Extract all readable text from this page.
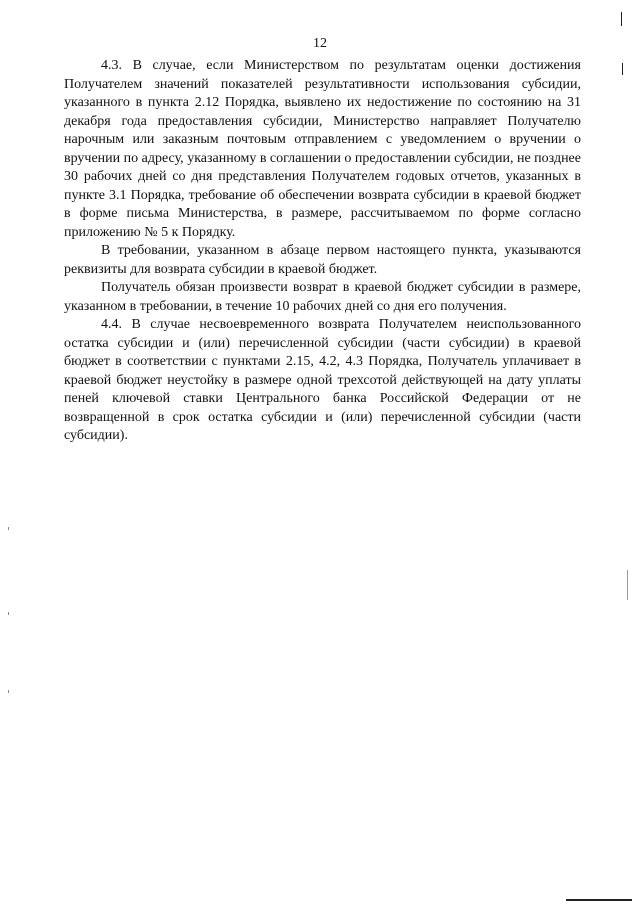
12

4.3. В случае, если Министерством по результатам оценки достижения Получателем значений показателей результативности использования субсидии, указанного в пункта 2.12 Порядка, выявлено их недостижение по состоянию на 31 декабря года предоставления субсидии, Министерство направляет Получателю нарочным или заказным почтовым отправлением с уведомлением о вручении о вручении по адресу, указанному в соглашении о предоставлении субсидии, не позднее 30 рабочих дней со дня представления Получателем годовых отчетов, указанных в пункте 3.1 Порядка, требование об обеспечении возврата субсидии в краевой бюджет в форме письма Министерства, в размере, рассчитываемом по форме согласно приложению № 5 к Порядку.

В требовании, указанном в абзаце первом настоящего пункта, указываются реквизиты для возврата субсидии в краевой бюджет.

Получатель обязан произвести возврат в краевой бюджет субсидии в размере, указанном в требовании, в течение 10 рабочих дней со дня его получения.

4.4. В случае несвоевременного возврата Получателем неиспользованного остатка субсидии и (или) перечисленной субсидии (части субсидии) в краевой бюджет в соответствии с пунктами 2.15, 4.2, 4.3 Порядка, Получатель уплачивает в краевой бюджет неустойку в размере одной трехсотой действующей на дату уплаты пеней ключевой ставки Центрального банка Российской Федерации от не возвращенной в срок остатка субсидии и (или) перечисленной субсидии (части субсидии).
